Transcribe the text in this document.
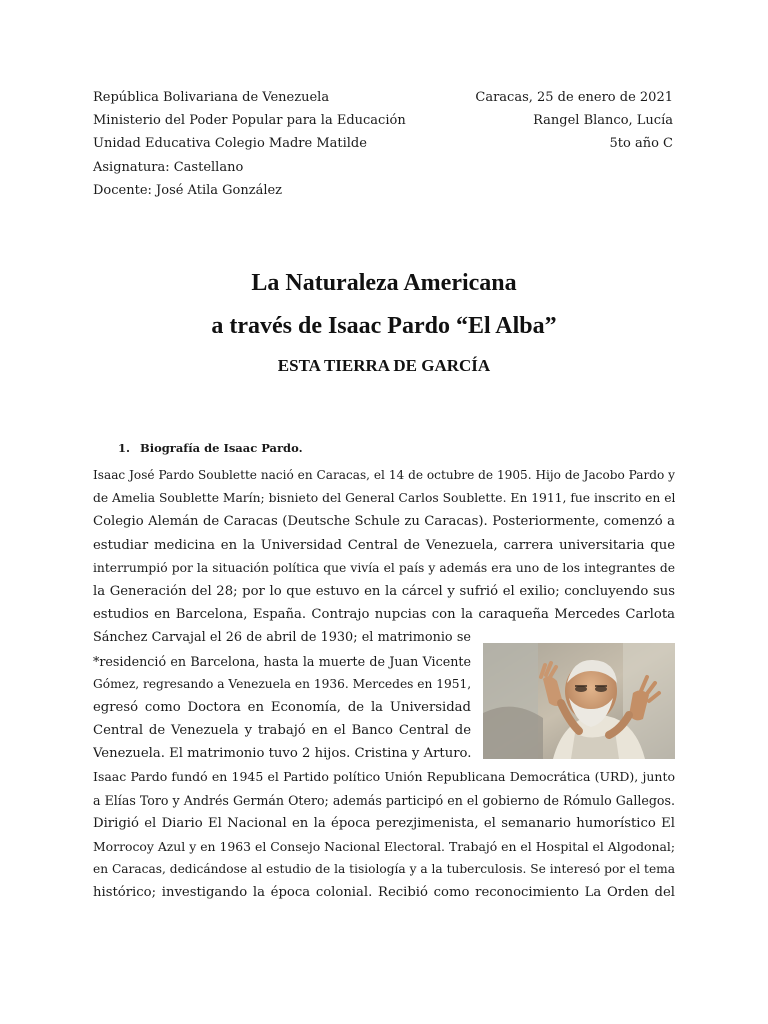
República Bolivariana de Venezuela	Caracas, 25 de enero de 2021
Ministerio del Poder Popular para la Educación	Rangel Blanco, Lucía
Unidad Educativa Colegio Madre Matilde	5to año C
Asignatura: Castellano
Docente: José Atila González
La Naturaleza Americana
a través de Isaac Pardo “El Alba”
ESTA TIERRA DE GARCÍA
1. Biografía de Isaac Pardo.
Isaac José Pardo Soublette nació en Caracas, el 14 de octubre de 1905. Hijo de Jacobo Pardo y
de Amelia Soublette Marín; bisnieto del General Carlos Soublette. En 1911, fue inscrito en el
Colegio Alemán de Caracas (Deutsche Schule zu Caracas). Posteriormente, comenzó a
estudiar medicina en la Universidad Central de Venezuela, carrera universitaria que
interrumpió por la situación política que vivía el país y además era uno de los integrantes de
la Generación del 28; por lo que estuvo en la cárcel y sufrió el exilio; concluyendo sus
estudios en Barcelona, España. Contrajo nupcias con la caraqueña Mercedes Carlota
Sánchez Carvajal el 26 de abril de 1930; el matrimonio se
*residenció en Barcelona, hasta la muerte de Juan Vicente
Gómez, regresando a Venezuela en 1936. Mercedes en 1951,
egresó como Doctora en Economía, de la Universidad
Central de Venezuela y trabajó en el Banco Central de
Venezuela. El matrimonio tuvo 2 hijos. Cristina y Arturo.
Isaac Pardo fundó en 1945 el Partido político Unión Republicana Democrática (URD), junto
a Elías Toro y Andrés Germán Otero; además participó en el gobierno de Rómulo Gallegos.
Dirigió el Diario El Nacional en la época perezjimenista, el semanario humorístico El
Morrocoy Azul y en 1963 el Consejo Nacional Electoral. Trabajó en el Hospital el Algodonal;
en Caracas, dedicándose al estudio de la tisiología y a la tuberculosis. Se interesó por el tema
histórico; investigando la época colonial. Recibió como reconocimiento La Orden del
